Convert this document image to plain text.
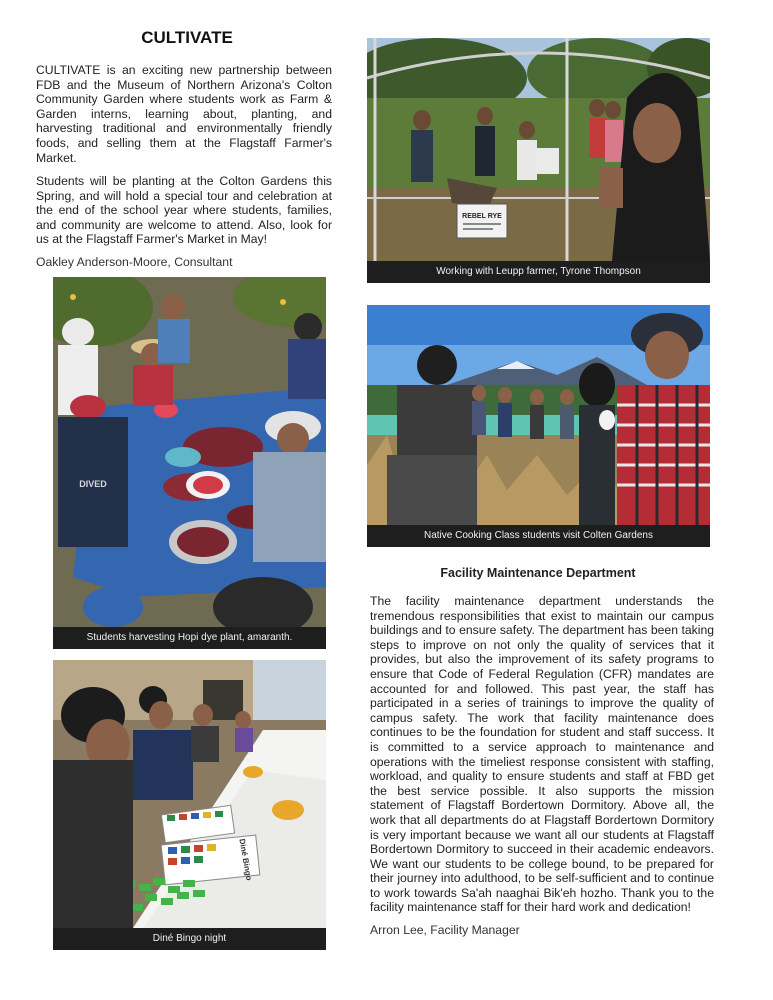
CULTIVATE

CULTIVATE is an exciting new partnership between FDB and the Museum of Northern Arizona's Colton Community Garden where students work as Farm & Garden interns, learning about, planting, and harvesting traditional and environmentally friendly foods, and selling them at the Flagstaff Farmer's Market.

Students will be planting at the Colton Gardens this Spring, and will hold a special tour and celebration at the end of the school year where students, families, and community are welcome to attend. Also, look for us at the Flagstaff Farmer's Market in May!

Oakley Anderson-Moore, Consultant

REBEL RYE
Working with Leupp farmer, Tyrone Thompson
DIVED
Students harvesting Hopi dye plant, amaranth.
Native Cooking Class students visit Colten Gardens
Diné Bingo
Diné Bingo night
Facility Maintenance Department

The facility maintenance department understands the tremendous responsibilities that exist to maintain our campus buildings and to ensure safety. The department has been taking steps to improve on not only the quality of services that it provides, but also the improvement of its safety programs to ensure that Code of Federal Regulation (CFR) mandates are accounted for and followed. This past year, the staff has participated in a series of trainings to improve the quality of campus safety. The work that facility maintenance does continues to be the foundation for student and staff success. It is committed to a service approach to maintenance and operations with the timeliest response consistent with staffing, workload, and quality to ensure students and staff at FBD get the best service possible. It also supports the mission statement of Flagstaff Bordertown Dormitory. Above all, the work that all departments do at Flagstaff Bordertown Dormitory is very important because we want all our students at Flagstaff Bordertown Dormitory to succeed in their academic endeavors. We want our students to be college bound, to be prepared for their journey into adulthood, to be self-sufficient and to continue to work towards Sa'ah naaghai Bik'eh hozho. Thank you to the facility maintenance staff for their hard work and dedication!

Arron Lee, Facility Manager
